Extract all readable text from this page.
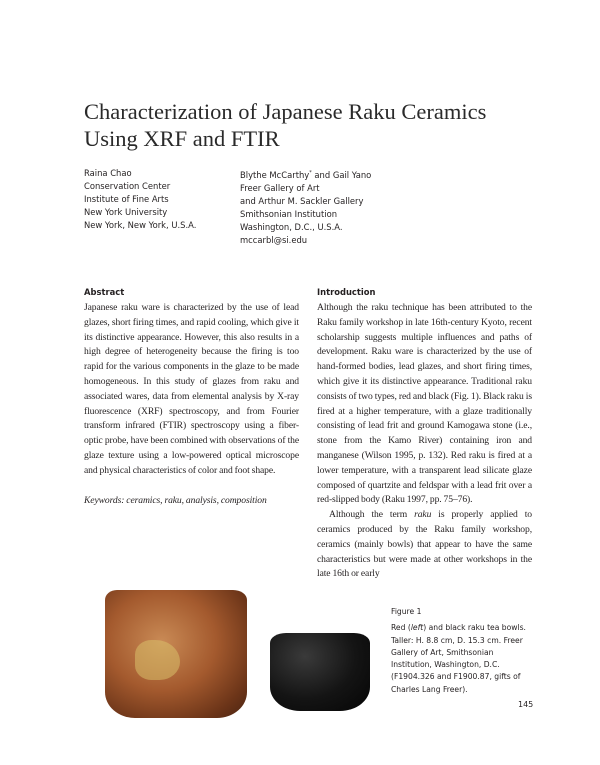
Characterization of Japanese Raku Ceramics
Using XRF and FTIR
Raina Chao
Conservation Center
Institute of Fine Arts
New York University
New York, New York, U.S.A.
Blythe McCarthy* and Gail Yano
Freer Gallery of Art
and Arthur M. Sackler Gallery
Smithsonian Institution
Washington, D.C., U.S.A.
mccarbl@si.edu
Abstract
Japanese raku ware is characterized by the use of lead glazes, short firing times, and rapid cooling, which give it its distinctive appearance. However, this also results in a high degree of heterogeneity because the firing is too rapid for the various components in the glaze to be made homogeneous. In this study of glazes from raku and associated wares, data from elemental analysis by X-ray fluorescence (XRF) spectroscopy, and from Fourier transform infrared (FTIR) spectroscopy using a fiber-optic probe, have been combined with observations of the glaze texture using a low-powered optical microscope and physical characteristics of color and foot shape.
Keywords: ceramics, raku, analysis, composition
Introduction
Although the raku technique has been attributed to the Raku family workshop in late 16th-century Kyoto, recent scholarship suggests multiple influences and paths of development. Raku ware is characterized by the use of hand-formed bodies, lead glazes, and short firing times, which give it its distinctive appearance. Traditional raku consists of two types, red and black (Fig. 1). Black raku is fired at a higher temperature, with a glaze traditionally consisting of lead frit and ground Kamogawa stone (i.e., stone from the Kamo River) containing iron and manganese (Wilson 1995, p. 132). Red raku is fired at a lower temperature, with a transparent lead silicate glaze composed of quartzite and feldspar with a lead frit over a red-slipped body (Raku 1997, pp. 75–76).
Although the term raku is properly applied to ceramics produced by the Raku family workshop, ceramics (mainly bowls) that appear to have the same characteristics but were made at other workshops in the late 16th or early
Figure 1
Red (left) and black raku tea bowls. Taller: H. 8.8 cm, D. 15.3 cm. Freer Gallery of Art, Smithsonian Institution, Washington, D.C. (F1904.326 and F1900.87, gifts of Charles Lang Freer).
145
